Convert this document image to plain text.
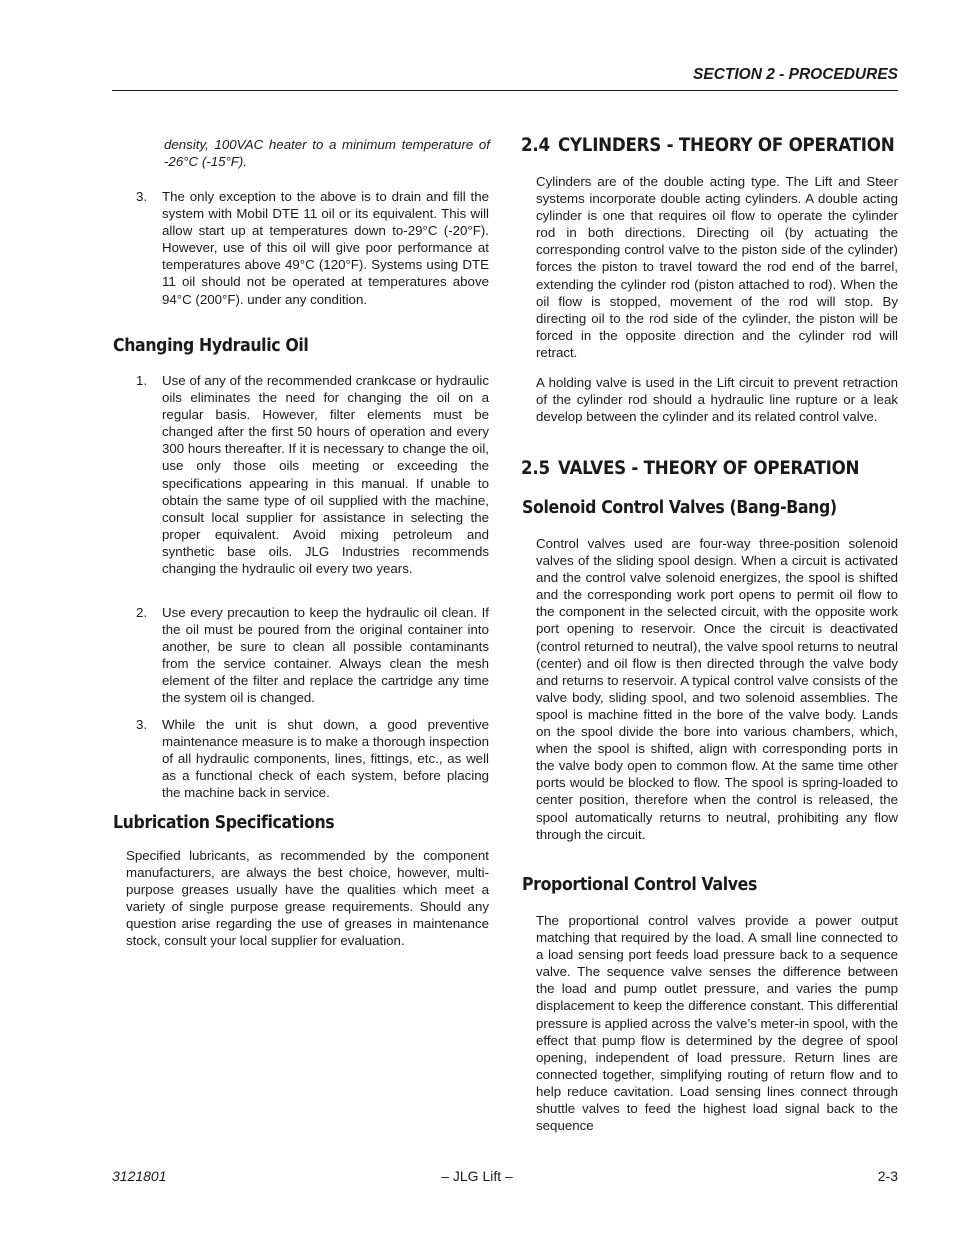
SECTION 2 - PROCEDURES

density, 100VAC heater to a minimum temperature of -26°C (-15°F).

3.	The only exception to the above is to drain and fill the system with Mobil DTE 11 oil or its equivalent. This will allow start up at temperatures down to-29°C (-20°F). However, use of this oil will give poor performance at temperatures above 49°C (120°F). Systems using DTE 11 oil should not be operated at temperatures above 94°C (200°F). under any condition.

Changing Hydraulic Oil
1.	Use of any of the recommended crankcase or hydraulic oils eliminates the need for changing the oil on a regular basis. However, filter elements must be changed after the first 50 hours of operation and every 300 hours thereafter. If it is necessary to change the oil, use only those oils meeting or exceeding the specifications appearing in this manual. If unable to obtain the same type of oil supplied with the machine, consult local supplier for assistance in selecting the proper equivalent. Avoid mixing petroleum and synthetic base oils. JLG Industries recommends changing the hydraulic oil every two years.

2.	Use every precaution to keep the hydraulic oil clean. If the oil must be poured from the original container into another, be sure to clean all possible contaminants from the service container. Always clean the mesh element of the filter and replace the cartridge any time the system oil is changed.

3.	While the unit is shut down, a good preventive maintenance measure is to make a thorough inspection of all hydraulic components, lines, fittings, etc., as well as a functional check of each system, before placing the machine back in service.

Lubrication Specifications

Specified lubricants, as recommended by the component manufacturers, are always the best choice, however, multi-purpose greases usually have the qualities which meet a variety of single purpose grease requirements. Should any question arise regarding the use of greases in maintenance stock, consult your local supplier for evaluation.

2.4 CYLINDERS - THEORY OF OPERATION

Cylinders are of the double acting type. The Lift and Steer systems incorporate double acting cylinders. A double acting cylinder is one that requires oil flow to operate the cylinder rod in both directions. Directing oil (by actuating the corresponding control valve to the piston side of the cylinder) forces the piston to travel toward the rod end of the barrel, extending the cylinder rod (piston attached to rod). When the oil flow is stopped, movement of the rod will stop. By directing oil to the rod side of the cylinder, the piston will be forced in the opposite direction and the cylinder rod will retract.

A holding valve is used in the Lift circuit to prevent retraction of the cylinder rod should a hydraulic line rupture or a leak develop between the cylinder and its related control valve.

2.5 VALVES - THEORY OF OPERATION
Solenoid Control Valves (Bang-Bang)

Control valves used are four-way three-position solenoid valves of the sliding spool design. When a circuit is activated and the control valve solenoid energizes, the spool is shifted and the corresponding work port opens to permit oil flow to the component in the selected circuit, with the opposite work port opening to reservoir. Once the circuit is deactivated (control returned to neutral), the valve spool returns to neutral (center) and oil flow is then directed through the valve body and returns to reservoir. A typical control valve consists of the valve body, sliding spool, and two solenoid assemblies. The spool is machine fitted in the bore of the valve body. Lands on the spool divide the bore into various chambers, which, when the spool is shifted, align with corresponding ports in the valve body open to common flow. At the same time other ports would be blocked to flow. The spool is spring-loaded to center position, therefore when the control is released, the spool automatically returns to neutral, prohibiting any flow through the circuit.

Proportional Control Valves

The proportional control valves provide a power output matching that required by the load. A small line connected to a load sensing port feeds load pressure back to a sequence valve. The sequence valve senses the difference between the load and pump outlet pressure, and varies the pump displacement to keep the difference constant. This differential pressure is applied across the valve’s meter-in spool, with the effect that pump flow is determined by the degree of spool opening, independent of load pressure. Return lines are connected together, simplifying routing of return flow and to help reduce cavitation. Load sensing lines connect through shuttle valves to feed the highest load signal back to the sequence

3121801	– JLG Lift –	2-3
